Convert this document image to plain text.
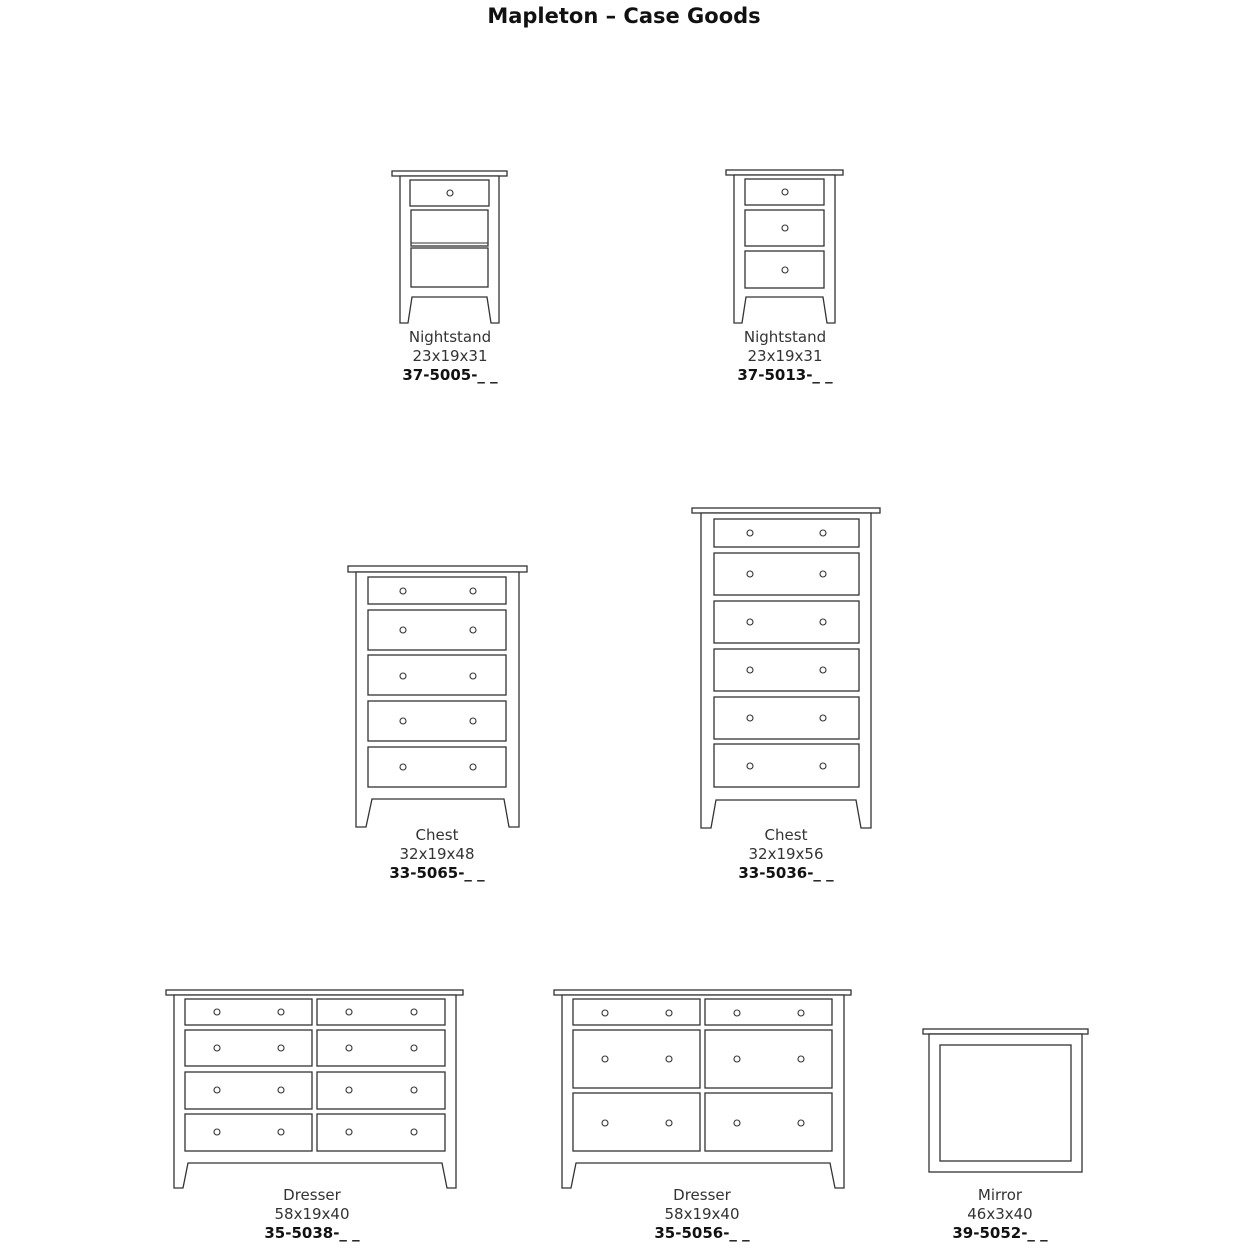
Mapleton – Case Goods
Nightstand
23x19x31
37-5005-_ _
Nightstand
23x19x31
37-5013-_ _
Chest
32x19x48
33-5065-_ _
Chest
32x19x56
33-5036-_ _
Dresser
58x19x40
35-5038-_ _
Dresser
58x19x40
35-5056-_ _
Mirror
46x3x40
39-5052-_ _
